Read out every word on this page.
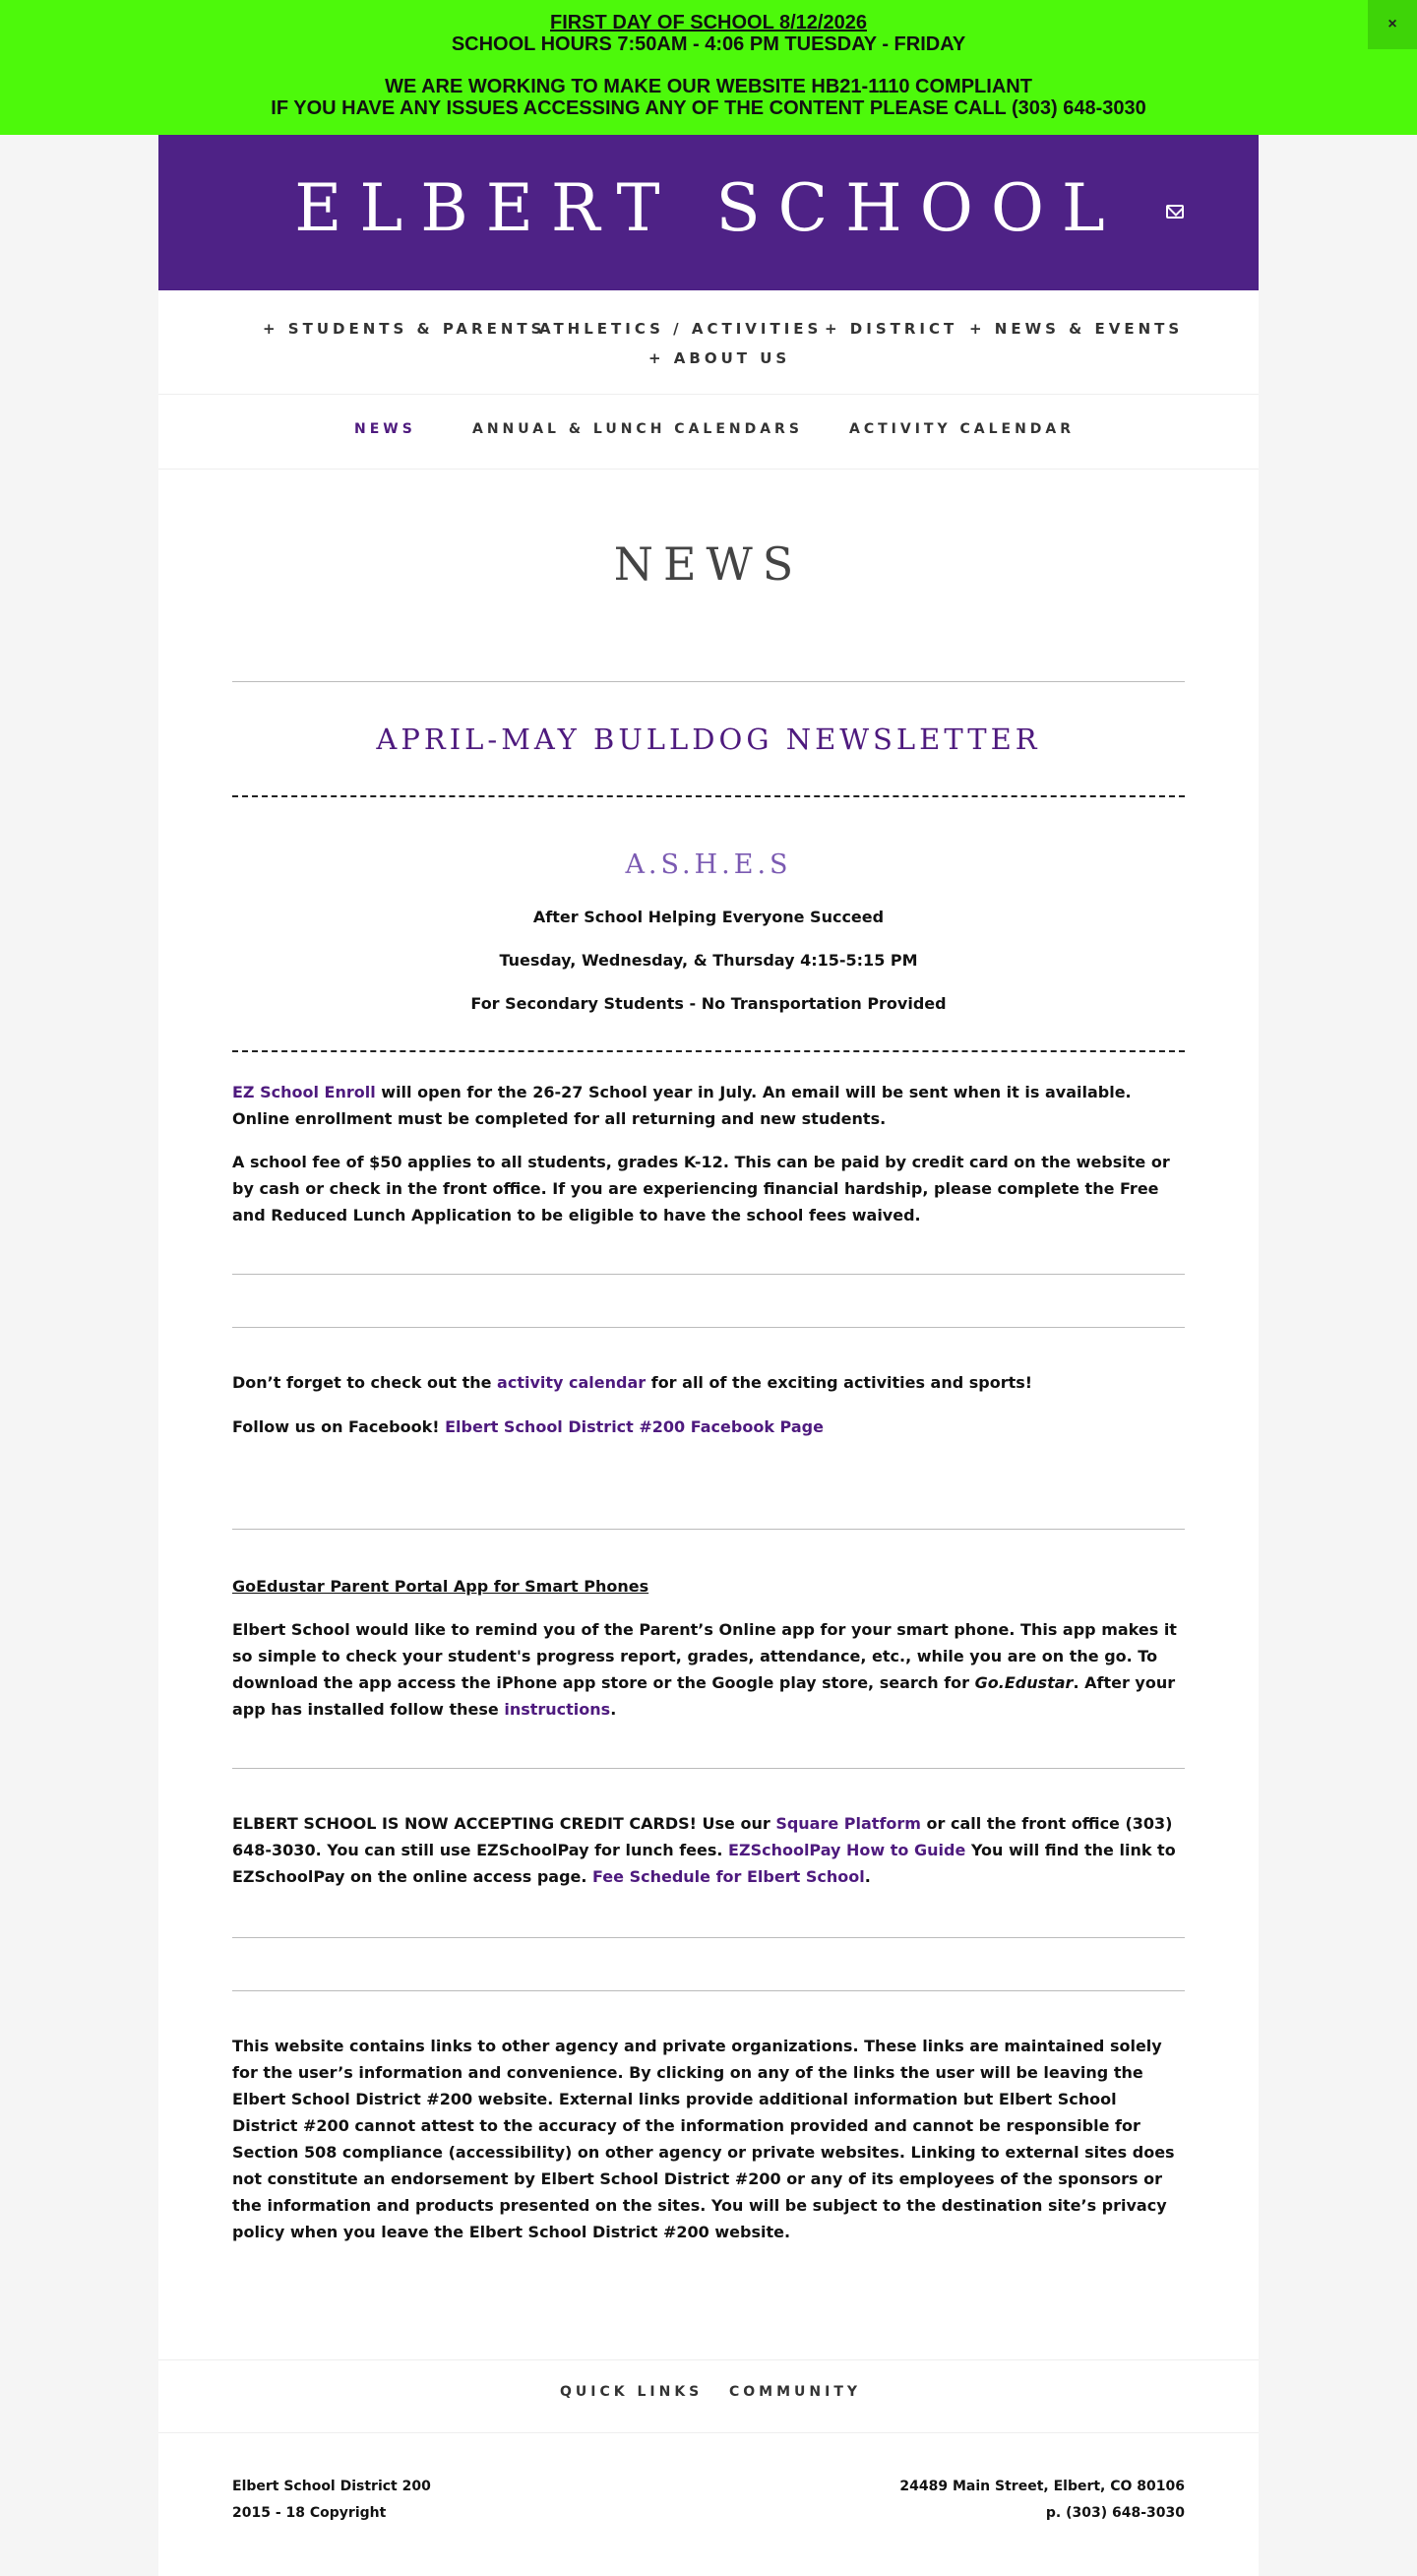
FIRST DAY OF SCHOOL 8/12/2026
SCHOOL HOURS 7:50AM - 4:06 PM TUESDAY - FRIDAY
WE ARE WORKING TO MAKE OUR WEBSITE HB21-1110 COMPLIANT
IF YOU HAVE ANY ISSUES ACCESSING ANY OF THE CONTENT PLEASE CALL (303) 648-3030
×
ELBERT SCHOOL
+ STUDENTS & PARENTS
ATHLETICS / ACTIVITIES + DISTRICT + NEWS & EVENTS
+ ABOUT US
NEWS	ANNUAL & LUNCH CALENDARS	ACTIVITY CALENDAR
NEWS
APRIL-MAY BULLDOG NEWSLETTER
A.S.H.E.S
After School Helping Everyone Succeed
Tuesday, Wednesday, & Thursday 4:15-5:15 PM
For Secondary Students - No Transportation Provided
EZ School Enroll will open for the 26-27 School year in July. An email will be sent when it is available. Online enrollment must be completed for all returning and new students.
A school fee of $50 applies to all students, grades K-12. This can be paid by credit card on the website or by cash or check in the front office. If you are experiencing financial hardship, please complete the Free and Reduced Lunch Application to be eligible to have the school fees waived.
Don’t forget to check out the activity calendar for all of the exciting activities and sports!
Follow us on Facebook! Elbert School District #200 Facebook Page
GoEdustar Parent Portal App for Smart Phones
Elbert School would like to remind you of the Parent’s Online app for your smart phone. This app makes it so simple to check your student's progress report, grades, attendance, etc., while you are on the go. To download the app access the iPhone app store or the Google play store, search for Go.Edustar. After your app has installed follow these instructions.
ELBERT SCHOOL IS NOW ACCEPTING CREDIT CARDS! Use our Square Platform or call the front office (303) 648-3030. You can still use EZSchoolPay for lunch fees. EZSchoolPay How to Guide You will find the link to EZSchoolPay on the online access page. Fee Schedule for Elbert School.
This website contains links to other agency and private organizations. These links are maintained solely for the user’s information and convenience. By clicking on any of the links the user will be leaving the Elbert School District #200 website. External links provide additional information but Elbert School District #200 cannot attest to the accuracy of the information provided and cannot be responsible for Section 508 compliance (accessibility) on other agency or private websites. Linking to external sites does not constitute an endorsement by Elbert School District #200 or any of its employees of the sponsors or the information and products presented on the sites. You will be subject to the destination site’s privacy policy when you leave the Elbert School District #200 website.
QUICK LINKS COMMUNITY
Elbert School District 200
2015 - 18 Copyright
24489 Main Street, Elbert, CO 80106
p. (303) 648-3030
